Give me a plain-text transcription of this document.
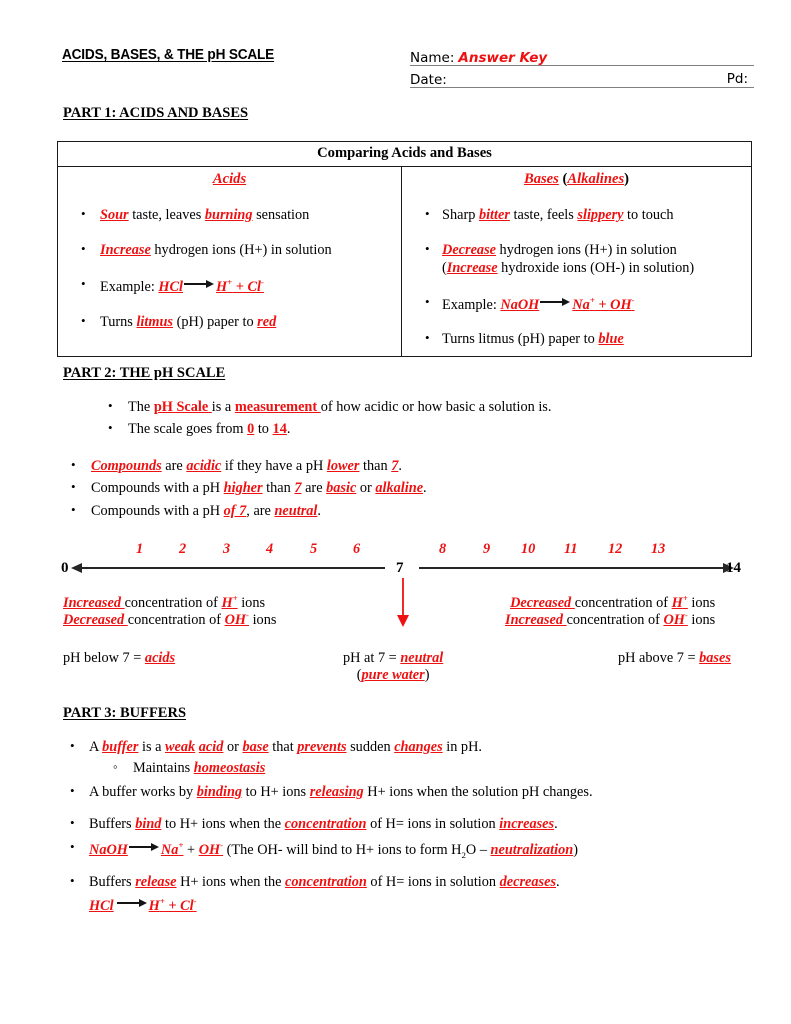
ACIDS, BASES, & THE pH SCALE	Name: Answer Key
Date:	Pd:
PART 1: ACIDS AND BASES
Comparing Acids and Bases
Acids
• Sour taste, leaves burning sensation
• Increase hydrogen ions (H+) in solution
• Example: HCl→ H+ + Cl-
• Turns litmus (pH) paper to red
Bases (Alkalines)
• Sharp bitter taste, feels slippery to touch
• Decrease hydrogen ions (H+) in solution
(Increase hydroxide ions (OH-) in solution)
• Example: NaOH→ Na+ + OH-
• Turns litmus (pH) paper to blue
PART 2: THE pH SCALE
• The pH Scale is a measurement of how acidic or how basic a solution is.
• The scale goes from 0 to 14.
• Compounds are acidic if they have a pH lower than 7.
• Compounds with a pH higher than 7 are basic or alkaline.
• Compounds with a pH of 7, are neutral.
0	7	14
1	2	3	4	5	6	8	9 10 11 12 13
Increased concentration of H+ ions
Decreased concentration of OH- ions
Decreased concentration of H+ ions
Increased concentration of OH- ions
pH below 7 = acids	pH at 7 = neutral
(pure water)
pH above 7 = bases
PART 3: BUFFERS
• A buffer is a weak acid or base that prevents sudden changes in pH.
◦ Maintains homeostasis
• A buffer works by binding to H+ ions releasing H+ ions when the solution pH changes.
• Buffers bind to H+ ions when the concentration of H= ions in solution increases.
• NaOH→ Na+ + OH- (The OH- will bind to H+ ions to form $H_2O$ – neutralization)
• Buffers release H+ ions when the concentration of H= ions in solution decreases.
HCl→ H+ + Cl-
